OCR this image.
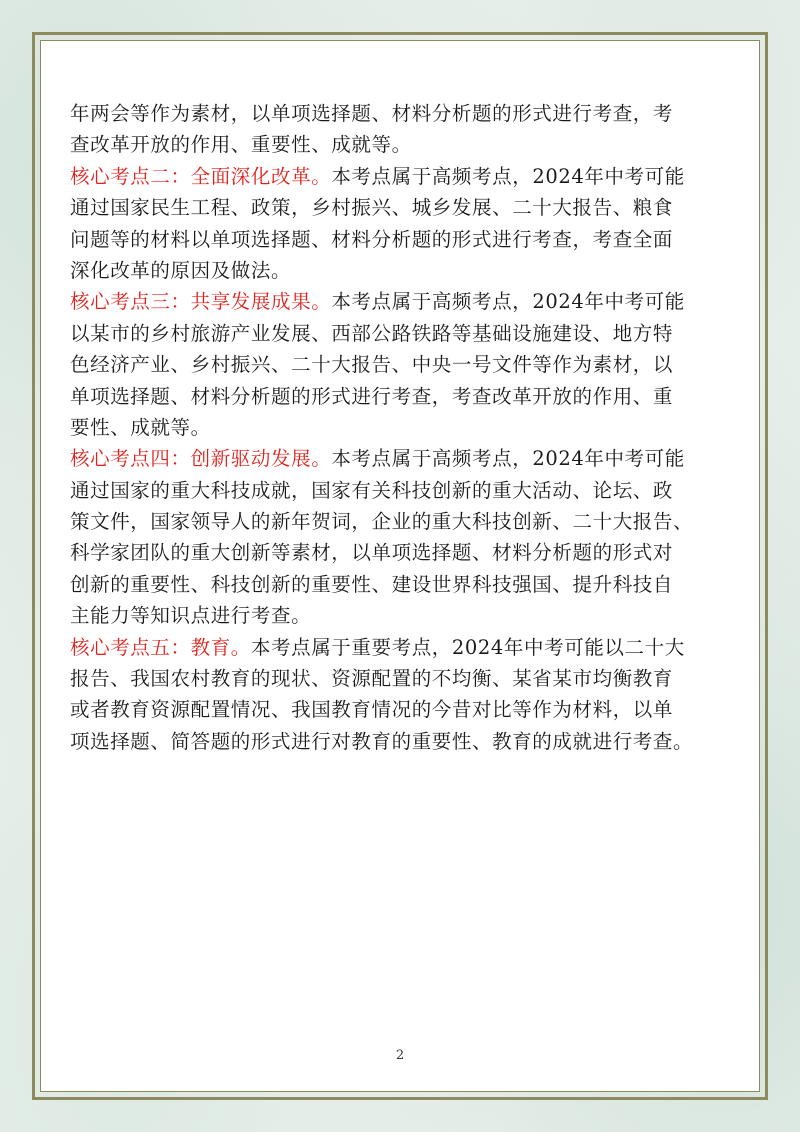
年两会等作为素材，以单项选择题、材料分析题的形式进行考查，考
查改革开放的作用、重要性、成就等。
核心考点二：全面深化改革。本考点属于高频考点，2024年中考可能
通过国家民生工程、政策，乡村振兴、城乡发展、二十大报告、粮食
问题等的材料以单项选择题、材料分析题的形式进行考查，考查全面
深化改革的原因及做法。
核心考点三：共享发展成果。本考点属于高频考点，2024年中考可能
以某市的乡村旅游产业发展、西部公路铁路等基础设施建设、地方特
色经济产业、乡村振兴、二十大报告、中央一号文件等作为素材，以
单项选择题、材料分析题的形式进行考查，考查改革开放的作用、重
要性、成就等。
核心考点四：创新驱动发展。本考点属于高频考点，2024年中考可能
通过国家的重大科技成就，国家有关科技创新的重大活动、论坛、政
策文件，国家领导人的新年贺词，企业的重大科技创新、二十大报告、
科学家团队的重大创新等素材，以单项选择题、材料分析题的形式对
创新的重要性、科技创新的重要性、建设世界科技强国、提升科技自
主能力等知识点进行考查。
核心考点五：教育。本考点属于重要考点，2024年中考可能以二十大
报告、我国农村教育的现状、资源配置的不均衡、某省某市均衡教育
或者教育资源配置情况、我国教育情况的今昔对比等作为材料，以单
项选择题、简答题的形式进行对教育的重要性、教育的成就进行考查。
2
